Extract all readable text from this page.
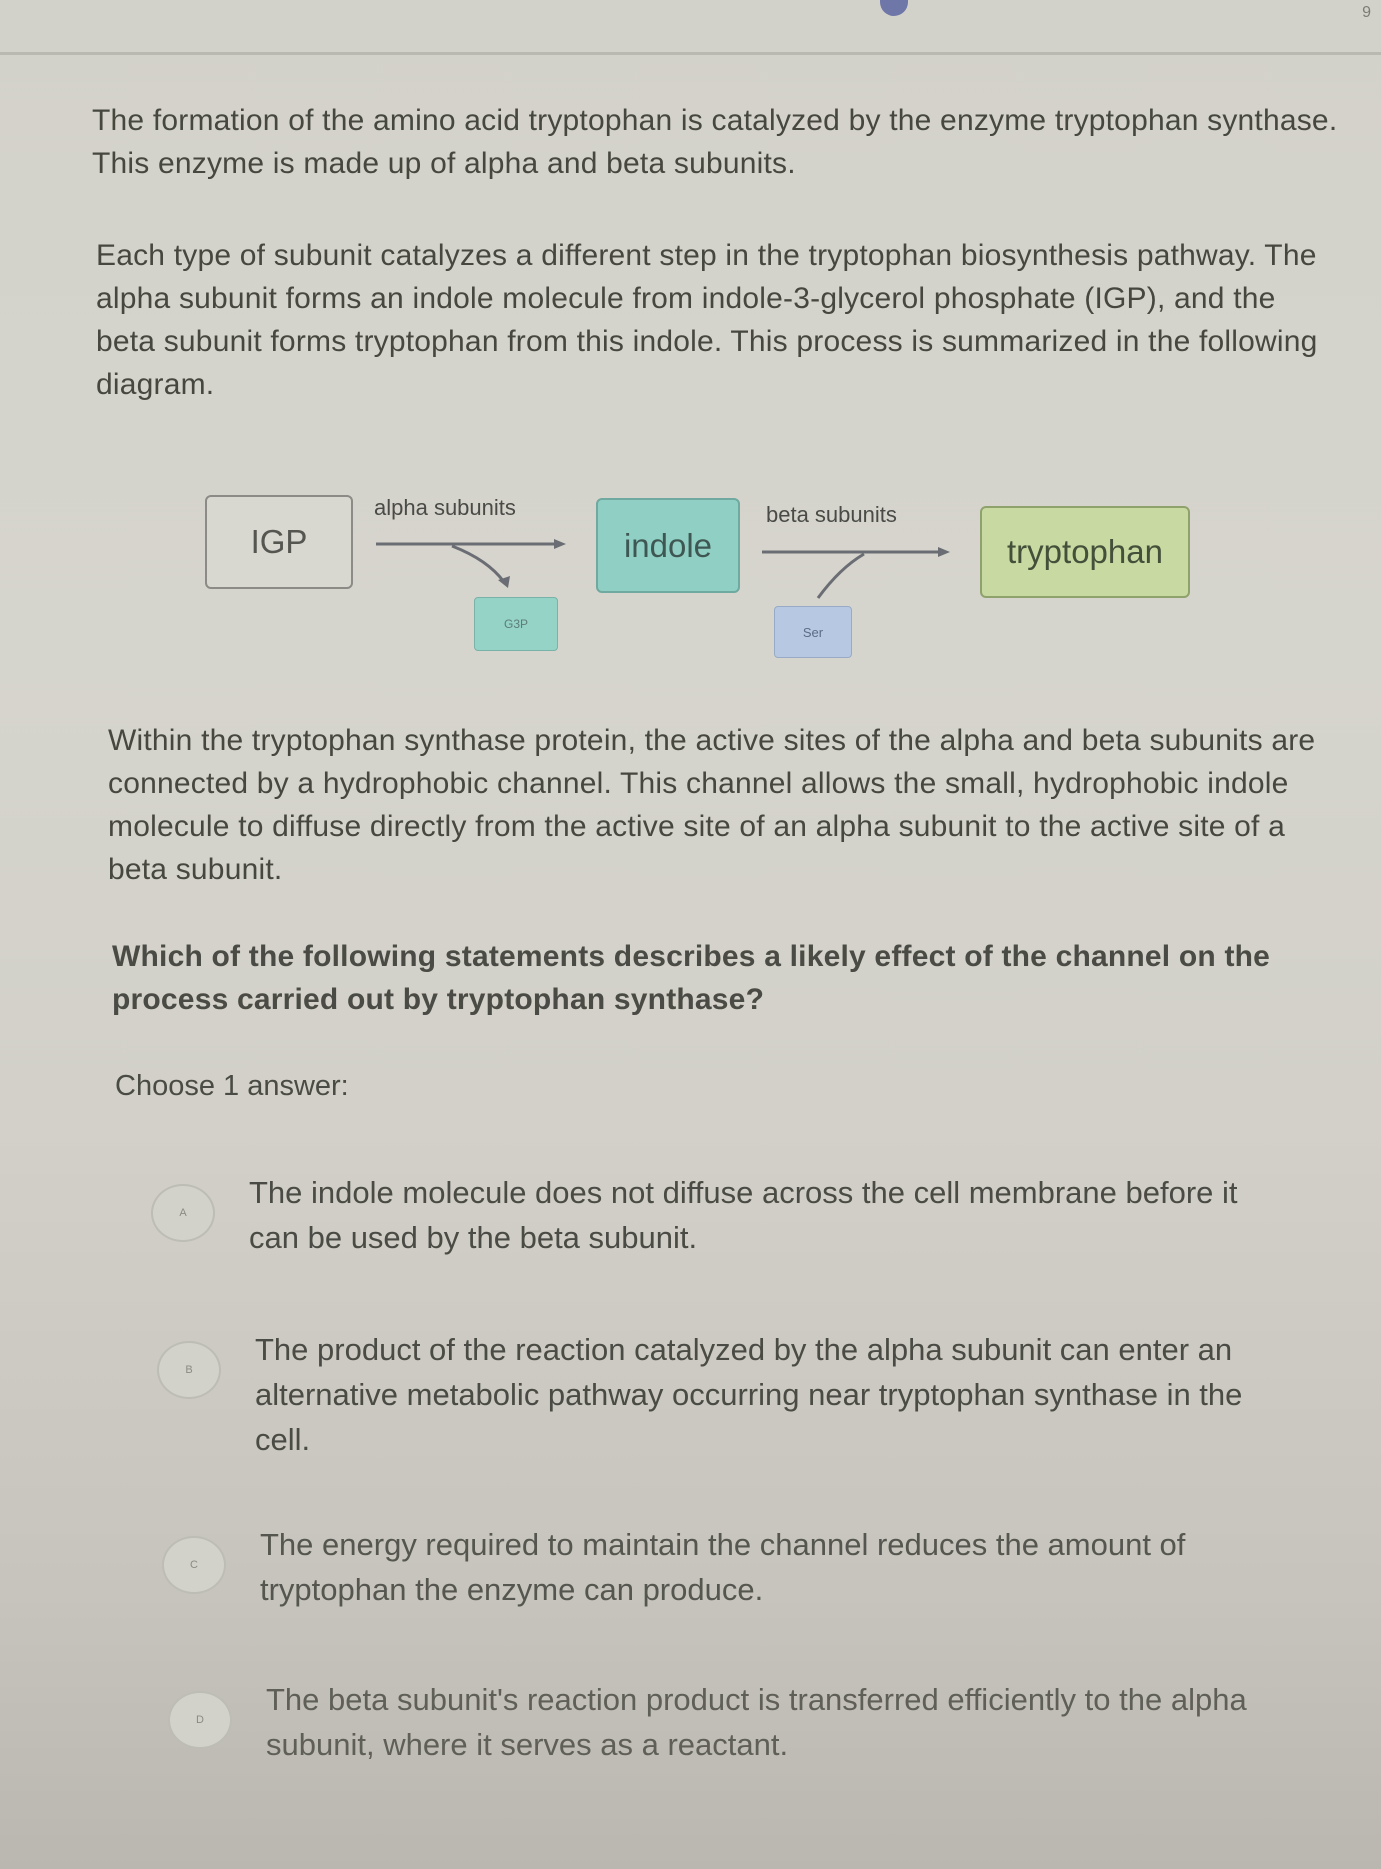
9

The formation of the amino acid tryptophan is catalyzed by the enzyme tryptophan synthase. This enzyme is made up of alpha and beta subunits.

Each type of subunit catalyzes a different step in the tryptophan biosynthesis pathway. The alpha subunit forms an indole molecule from indole-3-glycerol phosphate (IGP), and the beta subunit forms tryptophan from this indole. This process is summarized in the following diagram.

IGP
alpha subunits
indole
beta subunits
tryptophan
G3P
Ser

Within the tryptophan synthase protein, the active sites of the alpha and beta subunits are connected by a hydrophobic channel. This channel allows the small, hydrophobic indole molecule to diffuse directly from the active site of an alpha subunit to the active site of a beta subunit.

Which of the following statements describes a likely effect of the channel on the process carried out by tryptophan synthase?

Choose 1 answer:
A

The indole molecule does not diffuse across the cell membrane before it can be used by the beta subunit.

B

The product of the reaction catalyzed by the alpha subunit can enter an alternative metabolic pathway occurring near tryptophan synthase in the cell.

C

The energy required to maintain the channel reduces the amount of tryptophan the enzyme can produce.

D

The beta subunit's reaction product is transferred efficiently to the alpha subunit, where it serves as a reactant.
